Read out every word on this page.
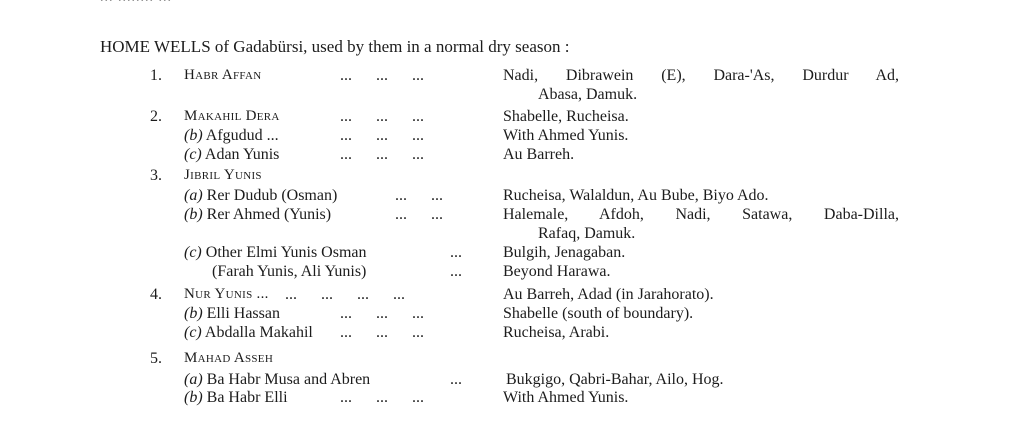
HOME WELLS of Gadabürsi, used by them in a normal dry season :
1.	Habr Affan	...      ...      ...	Nadi, Dibrawein (E), Dara-'As, Durdur Ad,
Abasa, Damuk.
2.	Makahil Dera	...      ...      ...	Shabelle, Rucheisa.
(b) Afgudud ...	...      ...      ...	With Ahmed Yunis.
(c) Adan Yunis	...      ...      ...	Au Barreh.
3.	Jibril Yunis
(a) Rer Dudub (Osman)	...      ...	Rucheisa, Walaldun, Au Bube, Biyo Ado.
(b) Rer Ahmed (Yunis)	...      ...	Halemale, Afdoh, Nadi, Satawa, Daba-Dilla,
Rafaq, Damuk.
(c) Other Elmi Yunis Osman	...	Bulgih, Jenagaban.
(Farah Yunis, Ali Yunis)	...	Beyond Harawa.
4.	Nur Yunis ... ...      ...      ...      ...	Au Barreh, Adad (in Jarahorato).
(b) Elli Hassan	...      ...      ...	Shabelle (south of boundary).
(c) Abdalla Makahil ...      ...      ...	Rucheisa, Arabi.
5.	Mahad Asseh
(a) Ba Habr Musa and Abren	...	Bukgigo, Qabri-Bahar, Ailo, Hog.
(b) Ba Habr Elli	...      ...      ...	With Ahmed Yunis.
